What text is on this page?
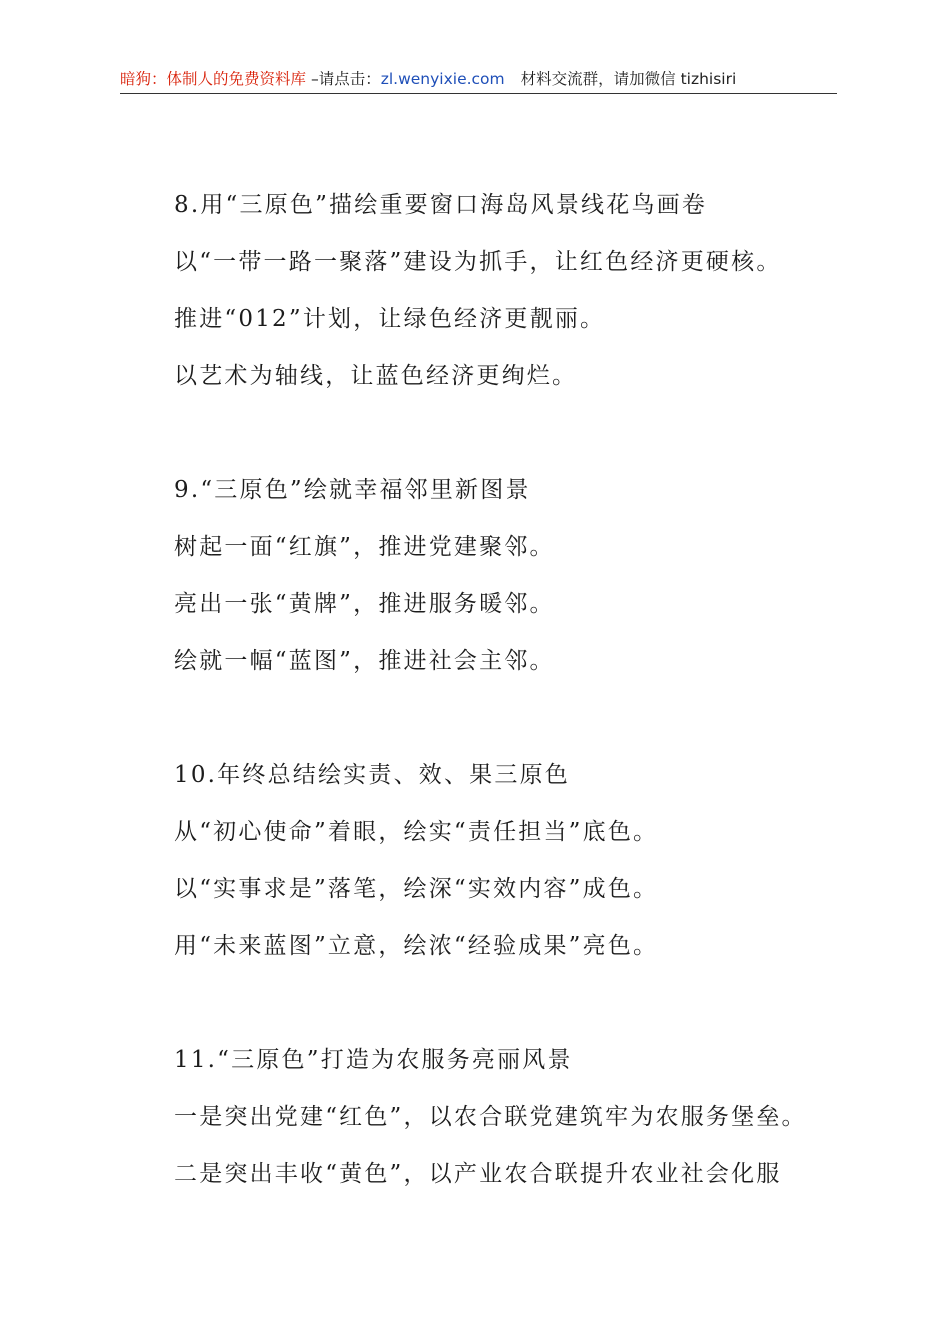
暗狗：体制人的免费资料库 –请点击：zl.wenyixie.com 材料交流群，请加微信 tizhisiri
8.用“三原色”描绘重要窗口海岛风景线花鸟画卷
以“一带一路一聚落”建设为抓手，让红色经济更硬核。
推进“012”计划，让绿色经济更靓丽。
以艺术为轴线，让蓝色经济更绚烂。
9.“三原色”绘就幸福邻里新图景
树起一面“红旗”，推进党建聚邻。
亮出一张“黄牌”，推进服务暖邻。
绘就一幅“蓝图”，推进社会主邻。
10.年终总结绘实责、效、果三原色
从“初心使命”着眼，绘实“责任担当”底色。
以“实事求是”落笔，绘深“实效内容”成色。
用“未来蓝图”立意，绘浓“经验成果”亮色。
11.“三原色”打造为农服务亮丽风景
一是突出党建“红色”，以农合联党建筑牢为农服务堡垒。
二是突出丰收“黄色”，以产业农合联提升农业社会化服
